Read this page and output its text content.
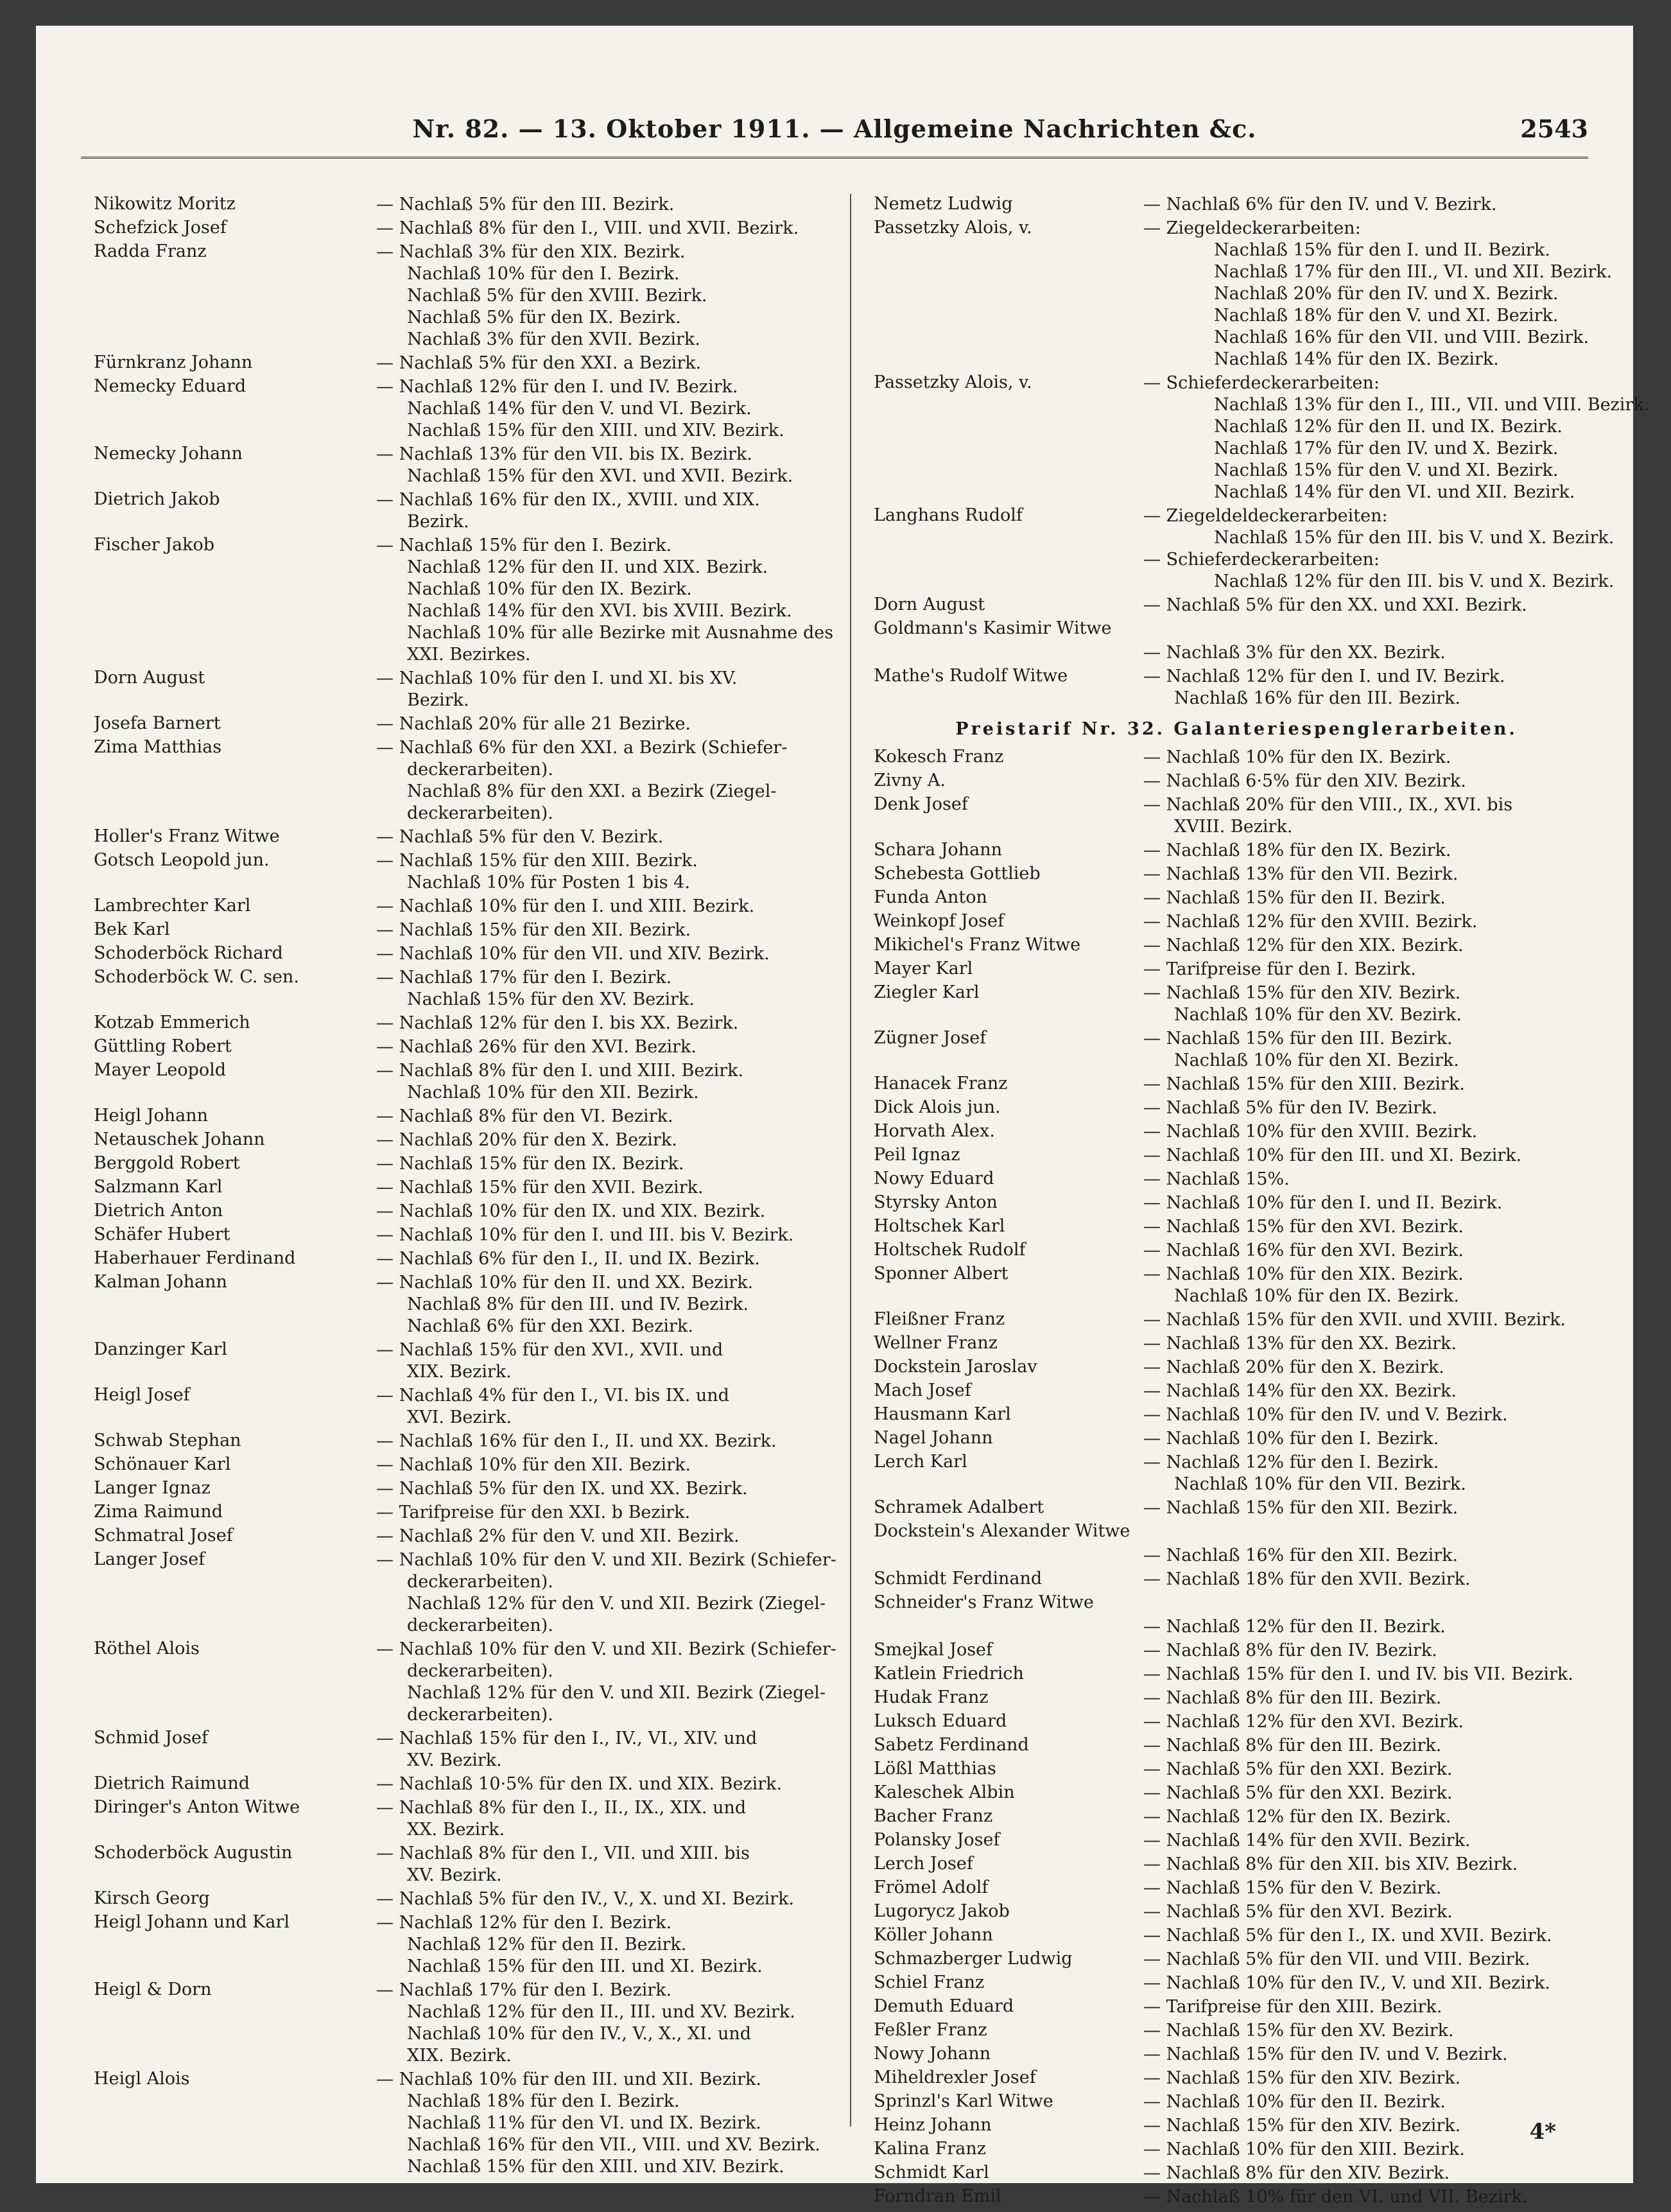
Nr. 82. — 13. Oktober 1911. — Allgemeine Nachrichten &c.	2543
Nikowitz Moritz	— Nachlaß 5% für den III. Bezirk.
Schefzick Josef	— Nachlaß 8% für den I., VIII. und XVII. Bezirk.
Radda Franz	— Nachlaß 3% für den XIX. Bezirk.
Nachlaß 10% für den I. Bezirk.
Nachlaß 5% für den XVIII. Bezirk.
Nachlaß 5% für den IX. Bezirk.
Nachlaß 3% für den XVII. Bezirk.
Fürnkranz Johann	— Nachlaß 5% für den XXI. a Bezirk.
Nemecky Eduard	— Nachlaß 12% für den I. und IV. Bezirk.
Nachlaß 14% für den V. und VI. Bezirk.
Nachlaß 15% für den XIII. und XIV. Bezirk.
Nemecky Johann	— Nachlaß 13% für den VII. bis IX. Bezirk.
Nachlaß 15% für den XVI. und XVII. Bezirk.
Dietrich Jakob	— Nachlaß 16% für den IX., XVIII. und XIX.
Bezirk.
Fischer Jakob	— Nachlaß 15% für den I. Bezirk.
Nachlaß 12% für den II. und XIX. Bezirk.
Nachlaß 10% für den IX. Bezirk.
Nachlaß 14% für den XVI. bis XVIII. Bezirk.
Nachlaß 10% für alle Bezirke mit Ausnahme des
XXI. Bezirkes.
Dorn August	— Nachlaß 10% für den I. und XI. bis XV.
Bezirk.
Josefa Barnert	— Nachlaß 20% für alle 21 Bezirke.
Zima Matthias	— Nachlaß 6% für den XXI. a Bezirk (Schiefer-
deckerarbeiten).
Nachlaß 8% für den XXI. a Bezirk (Ziegel-
deckerarbeiten).
Holler's Franz Witwe	— Nachlaß 5% für den V. Bezirk.
Gotsch Leopold jun.	— Nachlaß 15% für den XIII. Bezirk.
Nachlaß 10% für Posten 1 bis 4.
Lambrechter Karl	— Nachlaß 10% für den I. und XIII. Bezirk.
Bek Karl	— Nachlaß 15% für den XII. Bezirk.
Schoderböck Richard	— Nachlaß 10% für den VII. und XIV. Bezirk.
Schoderböck W. C. sen.	— Nachlaß 17% für den I. Bezirk.
Nachlaß 15% für den XV. Bezirk.
Kotzab Emmerich	— Nachlaß 12% für den I. bis XX. Bezirk.
Güttling Robert	— Nachlaß 26% für den XVI. Bezirk.
Mayer Leopold	— Nachlaß 8% für den I. und XIII. Bezirk.
Nachlaß 10% für den XII. Bezirk.
Heigl Johann	— Nachlaß 8% für den VI. Bezirk.
Netauschek Johann	— Nachlaß 20% für den X. Bezirk.
Berggold Robert	— Nachlaß 15% für den IX. Bezirk.
Salzmann Karl	— Nachlaß 15% für den XVII. Bezirk.
Dietrich Anton	— Nachlaß 10% für den IX. und XIX. Bezirk.
Schäfer Hubert	— Nachlaß 10% für den I. und III. bis V. Bezirk.
Haberhauer Ferdinand	— Nachlaß 6% für den I., II. und IX. Bezirk.
Kalman Johann	— Nachlaß 10% für den II. und XX. Bezirk.
Nachlaß 8% für den III. und IV. Bezirk.
Nachlaß 6% für den XXI. Bezirk.
Danzinger Karl	— Nachlaß 15% für den XVI., XVII. und
XIX. Bezirk.
Heigl Josef	— Nachlaß 4% für den I., VI. bis IX. und
XVI. Bezirk.
Schwab Stephan	— Nachlaß 16% für den I., II. und XX. Bezirk.
Schönauer Karl	— Nachlaß 10% für den XII. Bezirk.
Langer Ignaz	— Nachlaß 5% für den IX. und XX. Bezirk.
Zima Raimund	— Tarifpreise für den XXI. b Bezirk.
Schmatral Josef	— Nachlaß 2% für den V. und XII. Bezirk.
Langer Josef	— Nachlaß 10% für den V. und XII. Bezirk (Schiefer-
deckerarbeiten).
Nachlaß 12% für den V. und XII. Bezirk (Ziegel-
deckerarbeiten).
Röthel Alois	— Nachlaß 10% für den V. und XII. Bezirk (Schiefer-
deckerarbeiten).
Nachlaß 12% für den V. und XII. Bezirk (Ziegel-
deckerarbeiten).
Schmid Josef	— Nachlaß 15% für den I., IV., VI., XIV. und
XV. Bezirk.
Dietrich Raimund	— Nachlaß 10·5% für den IX. und XIX. Bezirk.
Diringer's Anton Witwe	— Nachlaß 8% für den I., II., IX., XIX. und
XX. Bezirk.
Schoderböck Augustin	— Nachlaß 8% für den I., VII. und XIII. bis
XV. Bezirk.
Kirsch Georg	— Nachlaß 5% für den IV., V., X. und XI. Bezirk.
Heigl Johann und Karl	— Nachlaß 12% für den I. Bezirk.
Nachlaß 12% für den II. Bezirk.
Nachlaß 15% für den III. und XI. Bezirk.
Heigl & Dorn	— Nachlaß 17% für den I. Bezirk.
Nachlaß 12% für den II., III. und XV. Bezirk.
Nachlaß 10% für den IV., V., X., XI. und
XIX. Bezirk.
Heigl Alois	— Nachlaß 10% für den III. und XII. Bezirk.
Nachlaß 18% für den I. Bezirk.
Nachlaß 11% für den VI. und IX. Bezirk.
Nachlaß 16% für den VII., VIII. und XV. Bezirk.
Nachlaß 15% für den XIII. und XIV. Bezirk.
Nemetz Ludwig	— Nachlaß 6% für den IV. und V. Bezirk.
Passetzky Alois, v.	— Ziegeldeckerarbeiten:
Nachlaß 15% für den I. und II. Bezirk.
Nachlaß 17% für den III., VI. und XII. Bezirk.
Nachlaß 20% für den IV. und X. Bezirk.
Nachlaß 18% für den V. und XI. Bezirk.
Nachlaß 16% für den VII. und VIII. Bezirk.
Nachlaß 14% für den IX. Bezirk.
Passetzky Alois, v.	— Schieferdeckerarbeiten:
Nachlaß 13% für den I., III., VII. und VIII. Bezirk.
Nachlaß 12% für den II. und IX. Bezirk.
Nachlaß 17% für den IV. und X. Bezirk.
Nachlaß 15% für den V. und XI. Bezirk.
Nachlaß 14% für den VI. und XII. Bezirk.
Langhans Rudolf	— Ziegeldeldeckerarbeiten:
Nachlaß 15% für den III. bis V. und X. Bezirk.
— Schieferdeckerarbeiten:
Nachlaß 12% für den III. bis V. und X. Bezirk.
Dorn August	— Nachlaß 5% für den XX. und XXI. Bezirk.
Goldmann's Kasimir Witwe

— Nachlaß 3% für den XX. Bezirk.
Mathe's Rudolf Witwe	— Nachlaß 12% für den I. und IV. Bezirk.
Nachlaß 16% für den III. Bezirk.
Preistarif Nr. 32. Galanteriespenglerarbeiten.
Kokesch Franz	— Nachlaß 10% für den IX. Bezirk.
Zivny A.	— Nachlaß 6·5% für den XIV. Bezirk.
Denk Josef	— Nachlaß 20% für den VIII., IX., XVI. bis
XVIII. Bezirk.
Schara Johann	— Nachlaß 18% für den IX. Bezirk.
Schebesta Gottlieb	— Nachlaß 13% für den VII. Bezirk.
Funda Anton	— Nachlaß 15% für den II. Bezirk.
Weinkopf Josef	— Nachlaß 12% für den XVIII. Bezirk.
Mikichel's Franz Witwe	— Nachlaß 12% für den XIX. Bezirk.
Mayer Karl	— Tarifpreise für den I. Bezirk.
Ziegler Karl	— Nachlaß 15% für den XIV. Bezirk.
Nachlaß 10% für den XV. Bezirk.
Zügner Josef	— Nachlaß 15% für den III. Bezirk.
Nachlaß 10% für den XI. Bezirk.
Hanacek Franz	— Nachlaß 15% für den XIII. Bezirk.
Dick Alois jun.	— Nachlaß 5% für den IV. Bezirk.
Horvath Alex.	— Nachlaß 10% für den XVIII. Bezirk.
Peil Ignaz	— Nachlaß 10% für den III. und XI. Bezirk.
Nowy Eduard	— Nachlaß 15%.
Styrsky Anton	— Nachlaß 10% für den I. und II. Bezirk.
Holtschek Karl	— Nachlaß 15% für den XVI. Bezirk.
Holtschek Rudolf	— Nachlaß 16% für den XVI. Bezirk.
Sponner Albert	— Nachlaß 10% für den XIX. Bezirk.
Nachlaß 10% für den IX. Bezirk.
Fleißner Franz	— Nachlaß 15% für den XVII. und XVIII. Bezirk.
Wellner Franz	— Nachlaß 13% für den XX. Bezirk.
Dockstein Jaroslav	— Nachlaß 20% für den X. Bezirk.
Mach Josef	— Nachlaß 14% für den XX. Bezirk.
Hausmann Karl	— Nachlaß 10% für den IV. und V. Bezirk.
Nagel Johann	— Nachlaß 10% für den I. Bezirk.
Lerch Karl	— Nachlaß 12% für den I. Bezirk.
Nachlaß 10% für den VII. Bezirk.
Schramek Adalbert	— Nachlaß 15% für den XII. Bezirk.
Dockstein's Alexander Witwe

— Nachlaß 16% für den XII. Bezirk.
Schmidt Ferdinand	— Nachlaß 18% für den XVII. Bezirk.
Schneider's Franz Witwe

— Nachlaß 12% für den II. Bezirk.
Smejkal Josef	— Nachlaß 8% für den IV. Bezirk.
Katlein Friedrich	— Nachlaß 15% für den I. und IV. bis VII. Bezirk.
Hudak Franz	— Nachlaß 8% für den III. Bezirk.
Luksch Eduard	— Nachlaß 12% für den XVI. Bezirk.
Sabetz Ferdinand	— Nachlaß 8% für den III. Bezirk.
Lößl Matthias	— Nachlaß 5% für den XXI. Bezirk.
Kaleschek Albin	— Nachlaß 5% für den XXI. Bezirk.
Bacher Franz	— Nachlaß 12% für den IX. Bezirk.
Polansky Josef	— Nachlaß 14% für den XVII. Bezirk.
Lerch Josef	— Nachlaß 8% für den XII. bis XIV. Bezirk.
Frömel Adolf	— Nachlaß 15% für den V. Bezirk.
Lugorycz Jakob	— Nachlaß 5% für den XVI. Bezirk.
Köller Johann	— Nachlaß 5% für den I., IX. und XVII. Bezirk.
Schmazberger Ludwig	— Nachlaß 5% für den VII. und VIII. Bezirk.
Schiel Franz	— Nachlaß 10% für den IV., V. und XII. Bezirk.
Demuth Eduard	— Tarifpreise für den XIII. Bezirk.
Feßler Franz	— Nachlaß 15% für den XV. Bezirk.
Nowy Johann	— Nachlaß 15% für den IV. und V. Bezirk.
Miheldrexler Josef	— Nachlaß 15% für den XIV. Bezirk.
Sprinzl's Karl Witwe	— Nachlaß 10% für den II. Bezirk.
Heinz Johann	— Nachlaß 15% für den XIV. Bezirk.
Kalina Franz	— Nachlaß 10% für den XIII. Bezirk.
Schmidt Karl	— Nachlaß 8% für den XIV. Bezirk.
Forndran Emil	— Nachlaß 10% für den VI. und VII. Bezirk.
4*
